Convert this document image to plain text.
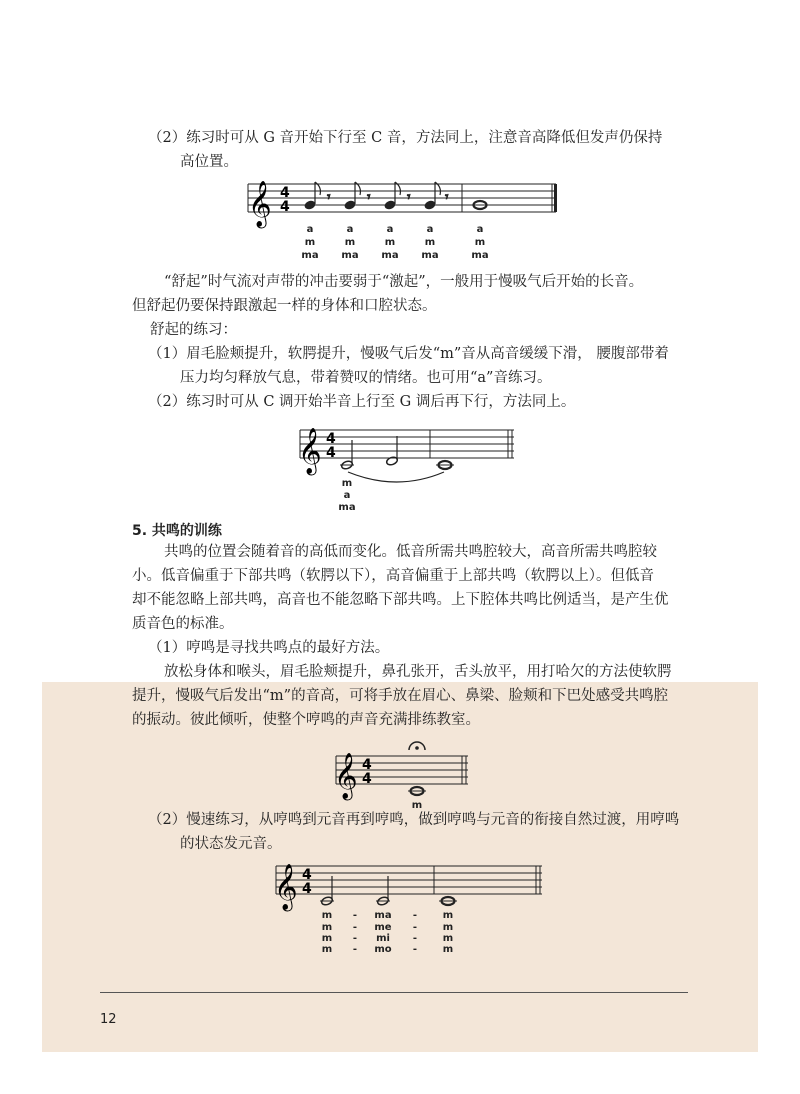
（2）练习时可从 G 音开始下行至 C 音，方法同上，注意音高降低但发声仍保持
高位置。
𝄞 4
4
𝄾	𝄾	𝄾	𝄾
a
m
ma
a
m
ma
a
m
ma
a
m
ma
a
m
ma
“舒起”时气流对声带的冲击要弱于“激起”，一般用于慢吸气后开始的长音。
但舒起仍要保持跟激起一样的身体和口腔状态。
舒起的练习：
（1）眉毛脸颊提升，软腭提升，慢吸气后发“m”音从高音缓缓下滑， 腰腹部带着
压力均匀释放气息，带着赞叹的情绪。也可用“a”音练习。
（2）练习时可从 C 调开始半音上行至 G 调后再下行，方法同上。
𝄞 4
4
m
a
ma
5. 共鸣的训练
共鸣的位置会随着音的高低而变化。低音所需共鸣腔较大，高音所需共鸣腔较
小。低音偏重于下部共鸣（软腭以下），高音偏重于上部共鸣（软腭以上）。但低音
却不能忽略上部共鸣，高音也不能忽略下部共鸣。上下腔体共鸣比例适当，是产生优
质音色的标准。
（1）哼鸣是寻找共鸣点的最好方法。
放松身体和喉头，眉毛脸颊提升，鼻孔张开，舌头放平，用打哈欠的方法使软腭
提升，慢吸气后发出“m”的音高，可将手放在眉心、鼻梁、脸颊和下巴处感受共鸣腔
的振动。彼此倾听，使整个哼鸣的声音充满排练教室。
𝄞 4
4
m
（2）慢速练习，从哼鸣到元音再到哼鸣，做到哼鸣与元音的衔接自然过渡，用哼鸣
的状态发元音。
𝄞 4
4
m - ma -	m
m - me -	m
m - mi -	m
m - mo -	m
12
